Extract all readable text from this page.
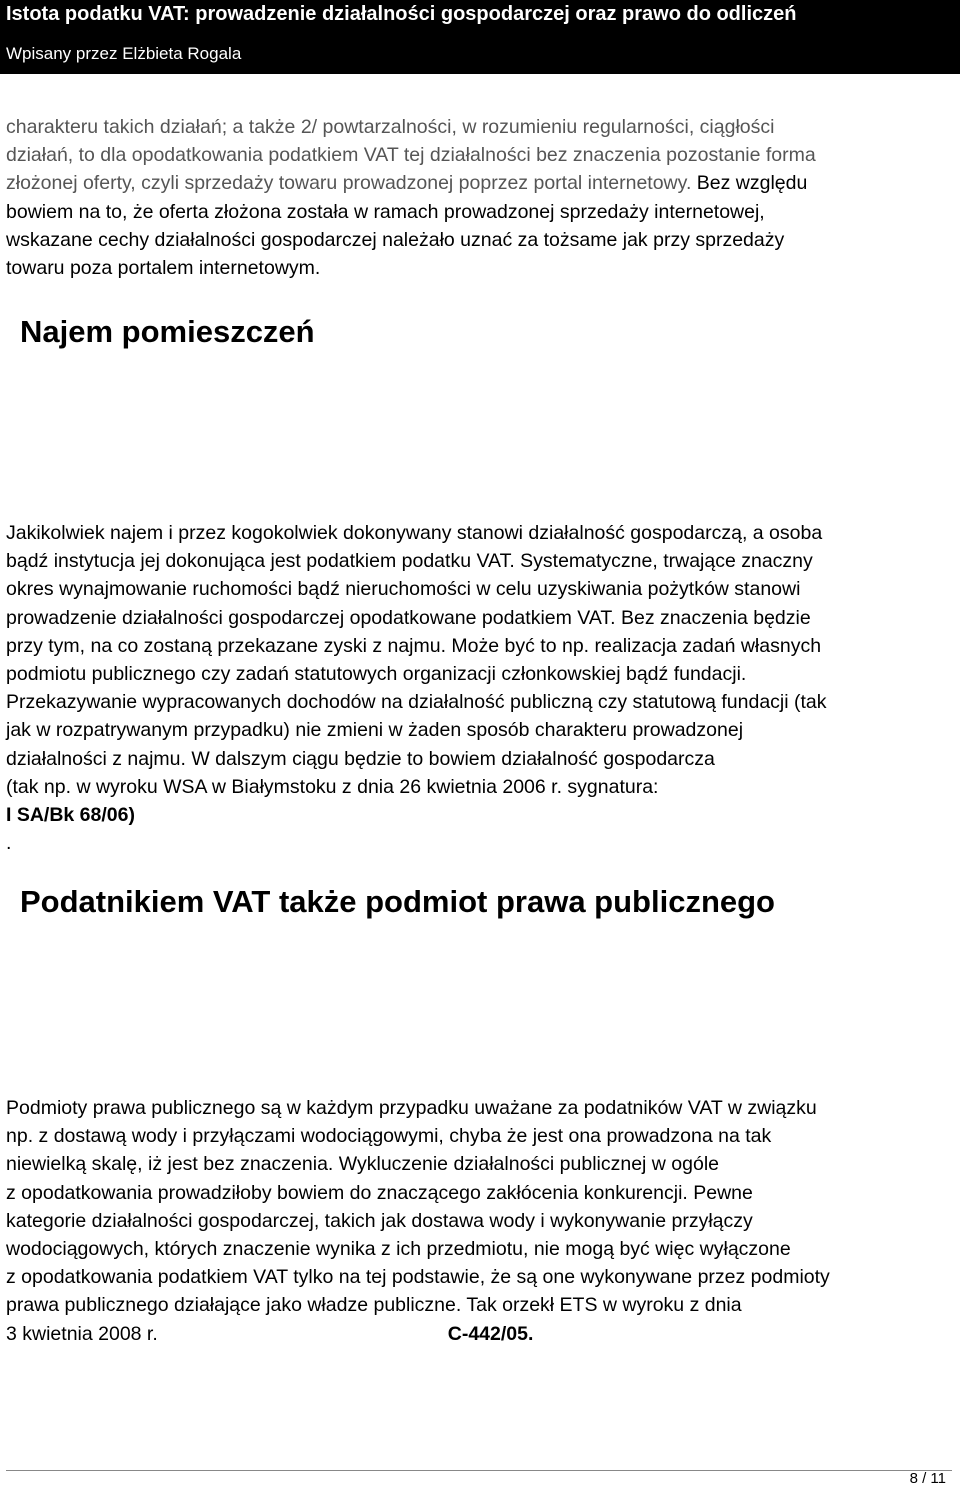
Istota podatku VAT: prowadzenie działalności gospodarczej oraz prawo do odliczeń
Wpisany przez Elżbieta Rogala
charakteru takich działań; a także 2/ powtarzalności, w rozumieniu regularności, ciągłości
działań, to dla opodatkowania podatkiem VAT tej działalności bez znaczenia pozostanie forma
złożonej oferty, czyli sprzedaży towaru prowadzonej poprzez portal internetowy. Bez względu
bowiem na to, że oferta złożona została w ramach prowadzonej sprzedaży internetowej,
wskazane cechy działalności gospodarczej należało uznać za tożsame jak przy sprzedaży
towaru poza portalem internetowym.
Najem pomieszczeń
Jakikolwiek najem i przez kogokolwiek dokonywany stanowi działalność gospodarczą, a osoba
bądź instytucja jej dokonująca jest podatkiem podatku VAT. Systematyczne, trwające znaczny
okres wynajmowanie ruchomości bądź nieruchomości w celu uzyskiwania pożytków stanowi
prowadzenie działalności gospodarczej opodatkowane podatkiem VAT. Bez znaczenia będzie
przy tym, na co zostaną przekazane zyski z najmu. Może być to np. realizacja zadań własnych
podmiotu publicznego czy zadań statutowych organizacji członkowskiej bądź fundacji.
Przekazywanie wypracowanych dochodów na działalność publiczną czy statutową fundacji (tak
jak w rozpatrywanym przypadku) nie zmieni w żaden sposób charakteru prowadzonej
działalności z najmu. W dalszym ciągu będzie to bowiem działalność gospodarcza
(tak np. w wyroku WSA w Białymstoku z dnia 26 kwietnia 2006 r. sygnatura:
I SA/Bk 68/06)
.
Podatnikiem VAT także podmiot prawa publicznego
Podmioty prawa publicznego są w każdym przypadku uważane za podatników VAT w związku
np. z dostawą wody i przyłączami wodociągowymi, chyba że jest ona prowadzona na tak
niewielką skalę, iż jest bez znaczenia. Wykluczenie działalności publicznej w ogóle
z opodatkowania prowadziłoby bowiem do znaczącego zakłócenia konkurencji. Pewne
kategorie działalności gospodarczej, takich jak dostawa wody i wykonywanie przyłączy
wodociągowych, których znaczenie wynika z ich przedmiotu, nie mogą być więc wyłączone
z opodatkowania podatkiem VAT tylko na tej podstawie, że są one wykonywane przez podmioty
prawa publicznego działające jako władze publiczne. Tak orzekł ETS w wyroku z dnia
3 kwietnia 2008 r.	C‑442/05.
8 / 11
